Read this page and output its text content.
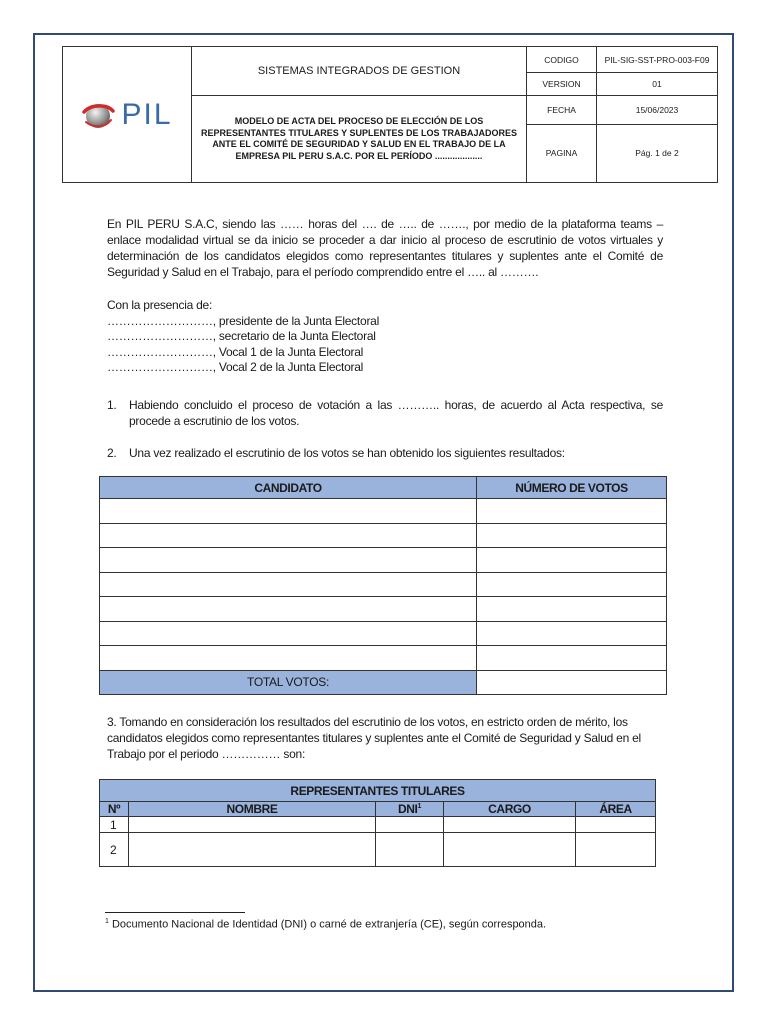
PIL	SISTEMAS INTEGRADOS DE GESTION	CODIGO	PIL-SIG-SST-PRO-003-F09
		VERSION	01
	MODELO DE ACTA DEL PROCESO DE ELECCIÓN DE LOS REPRESENTANTES TITULARES Y SUPLENTES DE LOS TRABAJADORES ANTE EL COMITÉ DE SEGURIDAD Y SALUD EN EL TRABAJO DE LA EMPRESA PIL PERU S.A.C. POR EL PERÍODO ...................	FECHA	15/06/2023
		PAGINA	Pág. 1 de 2

En PIL PERU S.A.C, siendo las …… horas del …. de ….. de ……., por medio de la plataforma teams – enlace modalidad virtual se da inicio se proceder a dar inicio al proceso de escrutinio de votos virtuales y determinación de los candidatos elegidos como representantes titulares y suplentes ante el Comité de Seguridad y Salud en el Trabajo, para el período comprendido entre el ….. al ……….

Con la presencia de:
………………………, presidente de la Junta Electoral
………………………, secretario de la Junta Electoral
………………………, Vocal 1 de la Junta Electoral
………………………, Vocal 2 de la Junta Electoral
1. Habiendo concluido el proceso de votación a las ……….. horas, de acuerdo al Acta respectiva, se procede a escrutinio de los votos.

2. Una vez realizado el escrutinio de los votos se han obtenido los siguientes resultados:

CANDIDATO	NÚMERO DE VOTOS

TOTAL VOTOS:	

3. Tomando en consideración los resultados del escrutinio de los votos, en estricto orden de mérito, los candidatos elegidos como representantes titulares y suplentes ante el Comité de Seguridad y Salud en el Trabajo por el periodo …………… son:

REPRESENTANTES TITULARES				
Nº	NOMBRE	DNI$^1$	CARGO	ÁREA
1				
2				
$^1$ Documento Nacional de Identidad (DNI) o carné de extranjería (CE), según corresponda.
